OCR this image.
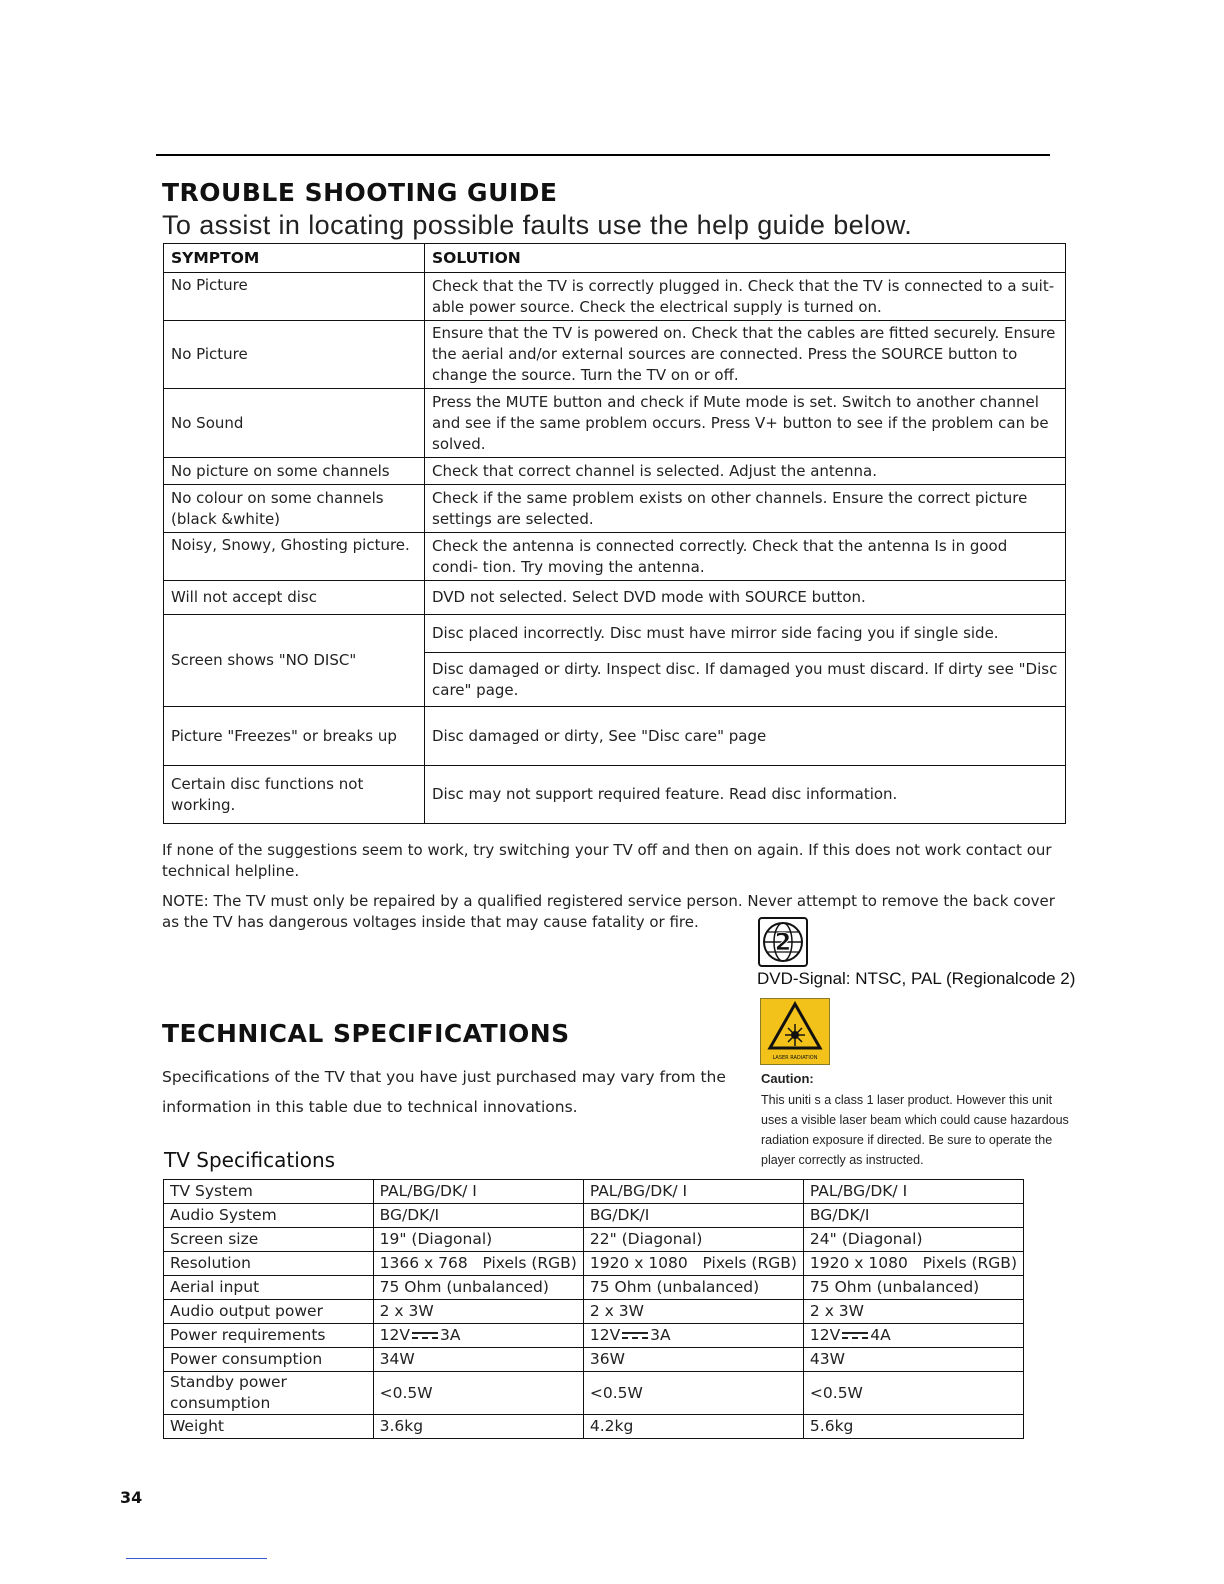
TROUBLE SHOOTING GUIDE
To assist in locating possible faults use the help guide below.
SYMPTOM	SOLUTION
No Picture	Check that the TV is correctly plugged in. Check that the TV is connected to a suit- able power source. Check the electrical supply is turned on.
No Picture	Ensure that the TV is powered on. Check that the cables are fitted securely. Ensure the aerial and/or external sources are connected. Press the SOURCE button to change the source. Turn the TV on or off.
No Sound	Press the MUTE button and check if Mute mode is set. Switch to another channel and see if the same problem occurs. Press V+ button to see if the problem can be solved.
No picture on some channels	Check that correct channel is selected. Adjust the antenna.
No colour on some channels (black &white)	Check if the same problem exists on other channels. Ensure the correct picture settings are selected.
Noisy, Snowy, Ghosting picture.	Check the antenna is connected correctly. Check that the antenna Is in good condi- tion. Try moving the antenna.
Will not accept disc	DVD not selected. Select DVD mode with SOURCE button.
Screen shows "NO DISC"	Disc placed incorrectly. Disc must have mirror side facing you if single side.
	Disc damaged or dirty. Inspect disc. If damaged you must discard. If dirty see "Disc care" page.
Picture "Freezes" or breaks up	Disc damaged or dirty, See "Disc care" page
Certain disc functions not working.	Disc may not support required feature. Read disc information.
If none of the suggestions seem to work, try switching your TV off and then on again. If this does not work contact our technical helpline.
NOTE: The TV must only be repaired by a qualified registered service person. Never attempt to remove the back cover as the TV has dangerous voltages inside that may cause fatality or fire.
2
DVD-Signal: NTSC, PAL (Regionalcode 2)
LASER RADIATION
Caution:
This uniti s a class 1 laser product. However this unit uses a visible laser beam which could cause hazardous radiation exposure if directed. Be sure to operate the player correctly as instructed.
TECHNICAL SPECIFICATIONS
Specifications of the TV that you have just purchased may vary from the
information in this table due to technical innovations.
TV Specifications
TV System	PAL/BG/DK/ I	PAL/BG/DK/ I	PAL/BG/DK/ I
Audio System	BG/DK/I	BG/DK/I	BG/DK/I
Screen size	19" (Diagonal)	22" (Diagonal)	24" (Diagonal)
Resolution	1366 x 768   Pixels (RGB)	1920 x 1080   Pixels (RGB)	1920 x 1080   Pixels (RGB)
Aerial input	75 Ohm (unbalanced)	75 Ohm (unbalanced)	75 Ohm (unbalanced)
Audio output power	2 x 3W	2 x 3W	2 x 3W
Power requirements	12V 3A	12V 3A	12V 4A
Power consumption	34W	36W	43W
Standby power consumption	<0.5W	<0.5W	<0.5W
Weight	3.6kg	4.2kg	5.6kg
34
